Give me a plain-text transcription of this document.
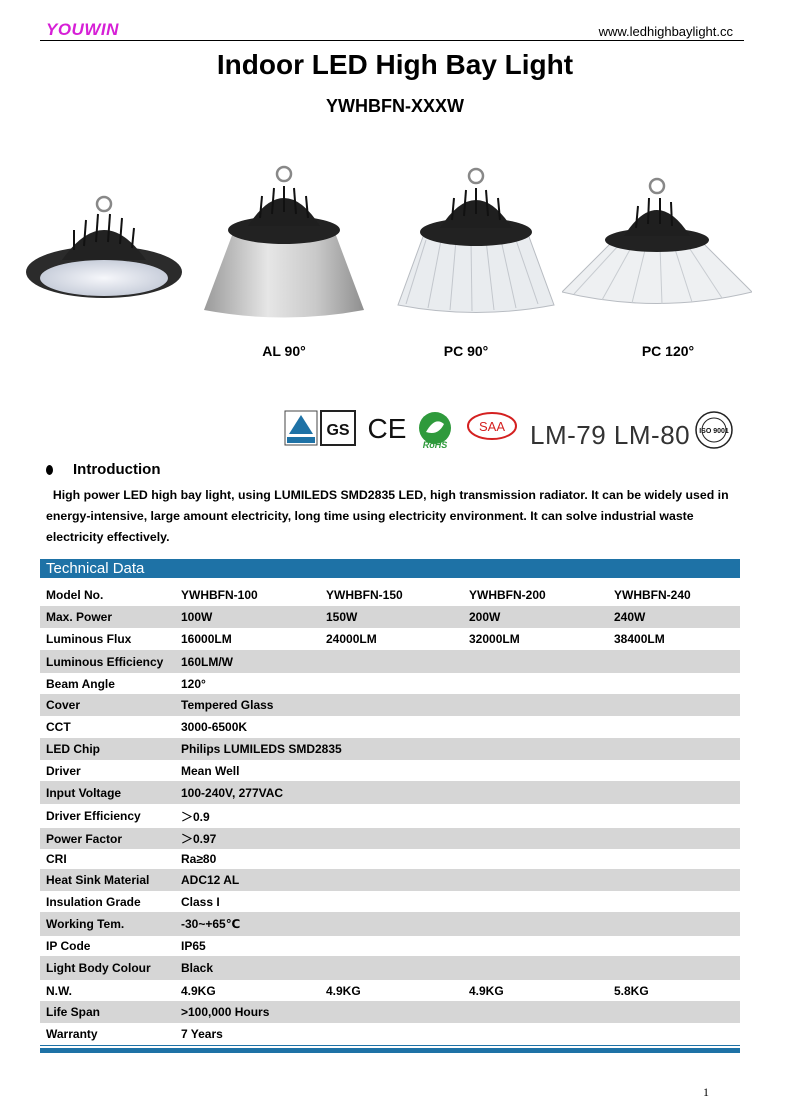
YOUWIN	www.ledhighbaylight.cc
Indoor LED High Bay Light
YWHBFN-XXXW
AL 90°	PC 90°	PC 120°
GS CE
RoHS
SAA	ISO 9001
LM-79 LM-80
Introduction
High power LED high bay light, using LUMILEDS SMD2835 LED, high transmission radiator. It can be widely used in energy-intensive, large amount electricity, long time using electricity environment. It can solve industrial waste electricity effectively.
Technical Data
Model No.	YWHBFN-100	YWHBFN-150	YWHBFN-200	YWHBFN-240
Max. Power	100W	150W	200W	240W
Luminous Flux	16000LM	24000LM	32000LM	38400LM
Luminous Efficiency	160LM/W			
Beam Angle	120°			
Cover	Tempered Glass			
CCT	3000-6500K			
LED Chip	Philips LUMILEDS SMD2835			
Driver	Mean Well			
Input Voltage	100-240V, 277VAC			
Driver Efficiency	＞0.9			
Power Factor	＞0.97			
CRI	Ra≥80			
Heat Sink Material	ADC12 AL			
Insulation Grade	Class I			
Working Tem.	-30~+65℃			
IP Code	IP65			
Light Body Colour	Black			
N.W.	4.9KG	4.9KG	4.9KG	5.8KG
Life Span	>100,000 Hours			
Warranty	7 Years			
1
